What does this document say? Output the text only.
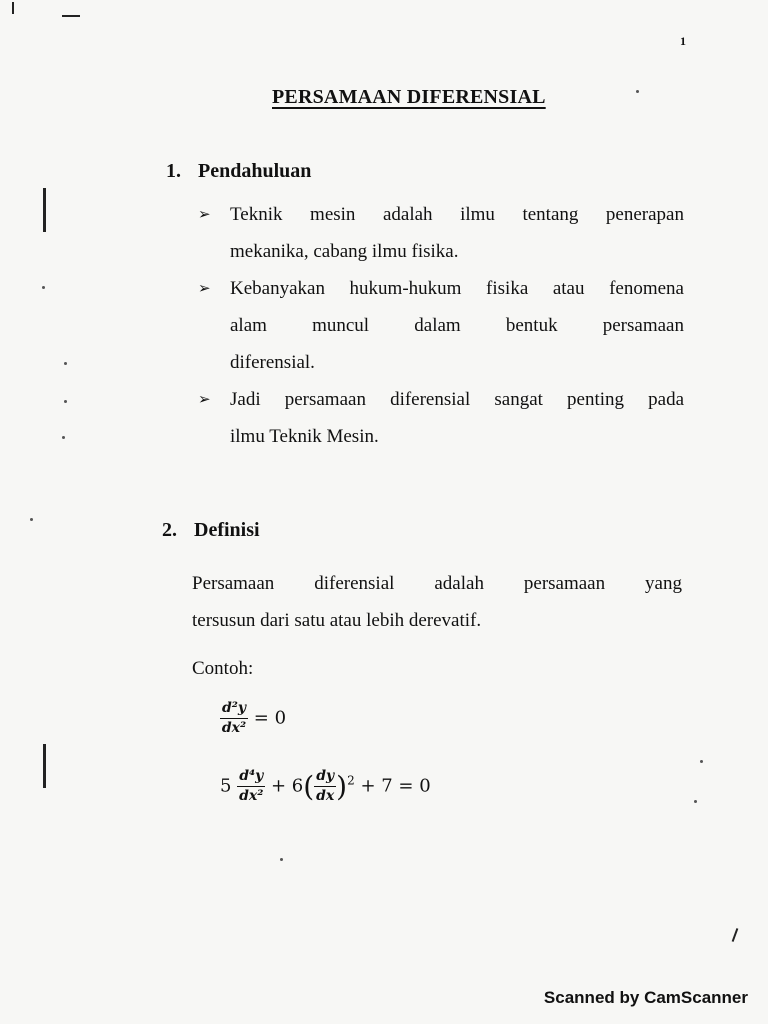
1
PERSAMAAN DIFERENSIAL
1. Pendahuluan
➢	Teknik mesin adalah ilmu tentang penerapan
mekanika, cabang ilmu fisika.
➢	Kebanyakan hukum-hukum fisika atau fenomena
alam muncul dalam bentuk persamaan
diferensial.
➢	Jadi persamaan diferensial sangat penting pada
ilmu Teknik Mesin.
2. Definisi
Persamaan diferensial adalah persamaan yang
tersusun dari satu atau lebih derevatif.
Contoh:
$\frac{\text{d²y}}{\text{dx²}} = 0$
$5 \frac{\text{d⁴y}}{\text{dx²}} + 6( \frac{dy}{dx} )^2 + 7 = 0$
Scanned by CamScanner
